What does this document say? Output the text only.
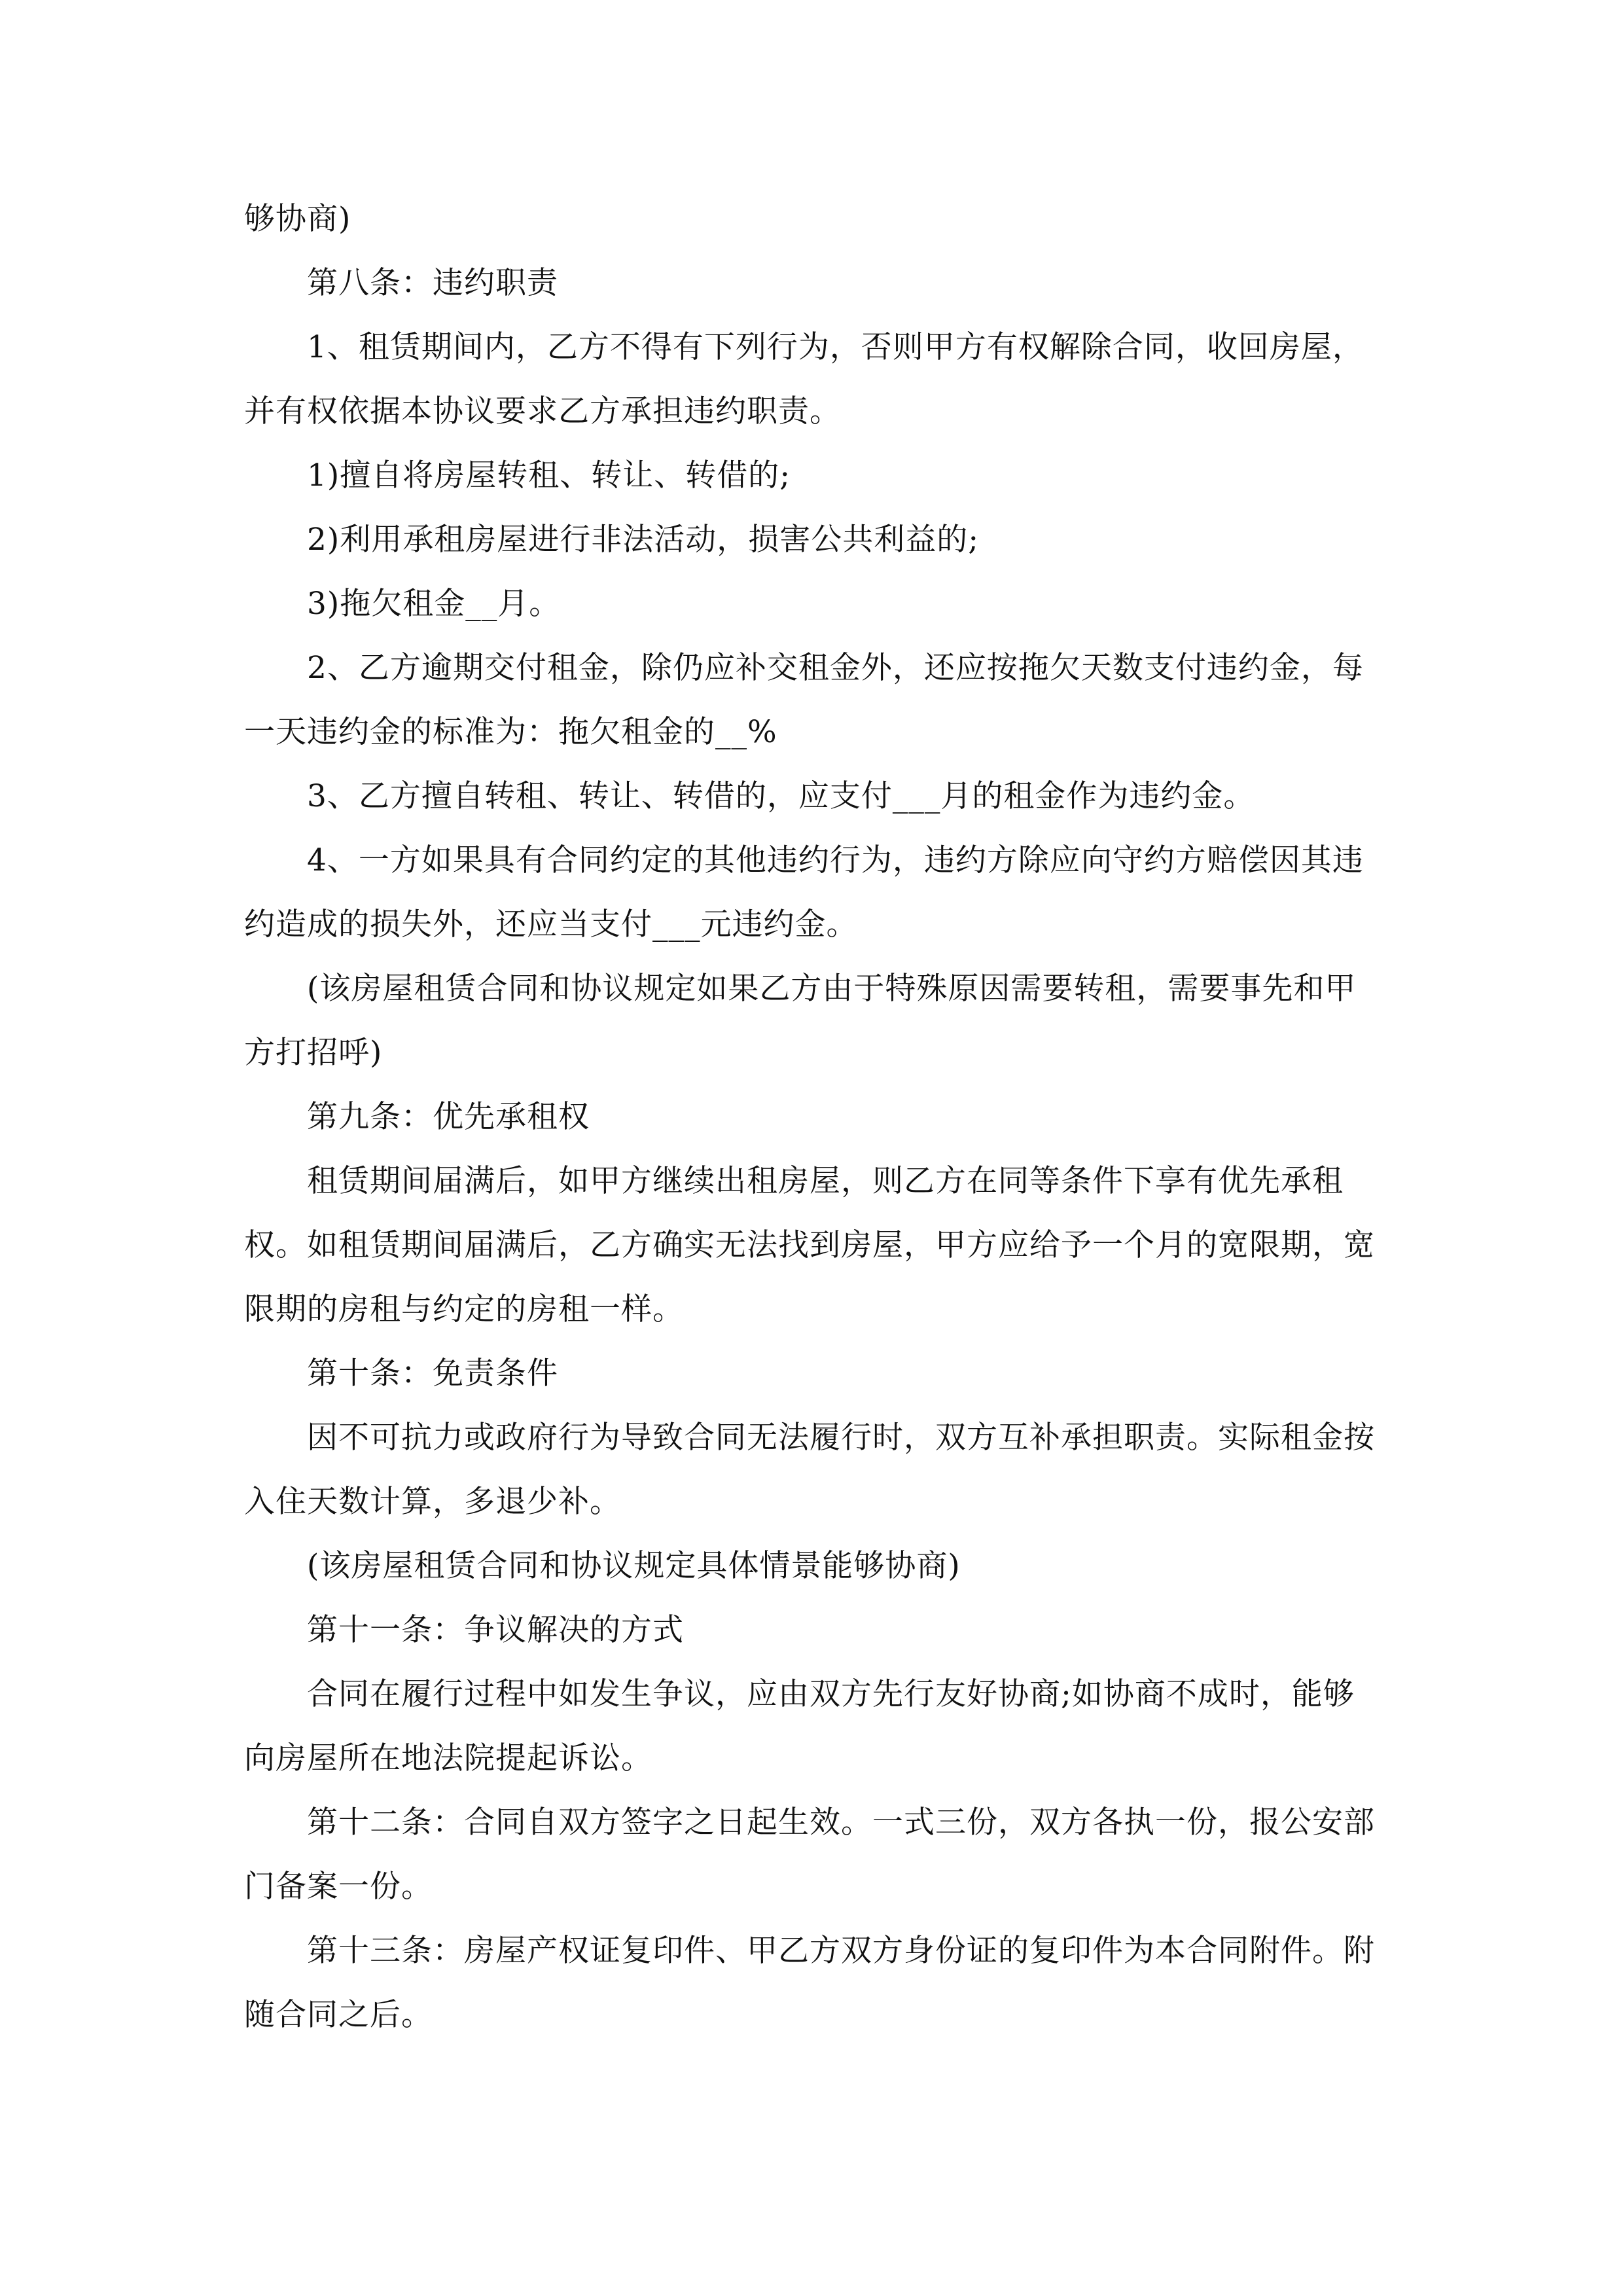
够协商)

第八条：违约职责

1、租赁期间内，乙方不得有下列行为，否则甲方有权解除合同，收回房屋，并有权依据本协议要求乙方承担违约职责。

1)擅自将房屋转租、转让、转借的;

2)利用承租房屋进行非法活动，损害公共利益的;

3)拖欠租金__月。

2、乙方逾期交付租金，除仍应补交租金外，还应按拖欠天数支付违约金，每一天违约金的标准为：拖欠租金的__%

3、乙方擅自转租、转让、转借的，应支付___月的租金作为违约金。

4、一方如果具有合同约定的其他违约行为，违约方除应向守约方赔偿因其违约造成的损失外，还应当支付___元违约金。

(该房屋租赁合同和协议规定如果乙方由于特殊原因需要转租，需要事先和甲方打招呼)

第九条：优先承租权

租赁期间届满后，如甲方继续出租房屋，则乙方在同等条件下享有优先承租权。如租赁期间届满后，乙方确实无法找到房屋，甲方应给予一个月的宽限期，宽限期的房租与约定的房租一样。

第十条：免责条件

因不可抗力或政府行为导致合同无法履行时，双方互补承担职责。实际租金按入住天数计算，多退少补。

(该房屋租赁合同和协议规定具体情景能够协商)

第十一条：争议解决的方式

合同在履行过程中如发生争议，应由双方先行友好协商;如协商不成时，能够向房屋所在地法院提起诉讼。

第十二条：合同自双方签字之日起生效。一式三份，双方各执一份，报公安部门备案一份。

第十三条：房屋产权证复印件、甲乙方双方身份证的复印件为本合同附件。附随合同之后。
